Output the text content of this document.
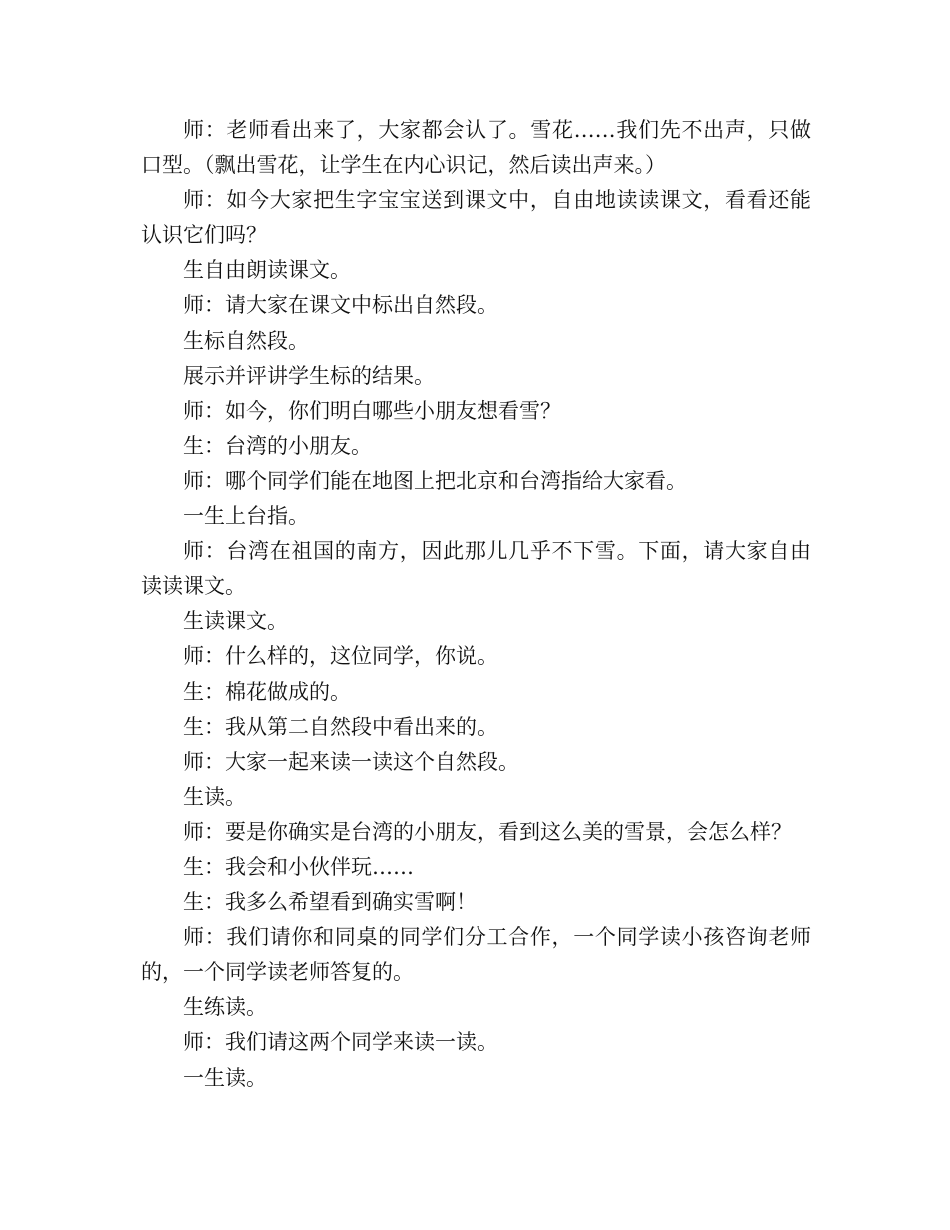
师：老师看出来了，大家都会认了。雪花……我们先不出声，只做口型。（飘出雪花，让学生在内心识记，然后读出声来。）

师：如今大家把生字宝宝送到课文中，自由地读读课文，看看还能认识它们吗？

生自由朗读课文。

师：请大家在课文中标出自然段。

生标自然段。

展示并评讲学生标的结果。

师：如今，你们明白哪些小朋友想看雪？

生：台湾的小朋友。

师：哪个同学们能在地图上把北京和台湾指给大家看。

一生上台指。

师：台湾在祖国的南方，因此那儿几乎不下雪。下面，请大家自由读读课文。

生读课文。

师：什么样的，这位同学，你说。

生：棉花做成的。

生：我从第二自然段中看出来的。

师：大家一起来读一读这个自然段。

生读。

师：要是你确实是台湾的小朋友，看到这么美的雪景，会怎么样？

生：我会和小伙伴玩……

生：我多么希望看到确实雪啊！

师：我们请你和同桌的同学们分工合作，一个同学读小孩咨询老师的，一个同学读老师答复的。

生练读。

师：我们请这两个同学来读一读。

一生读。
